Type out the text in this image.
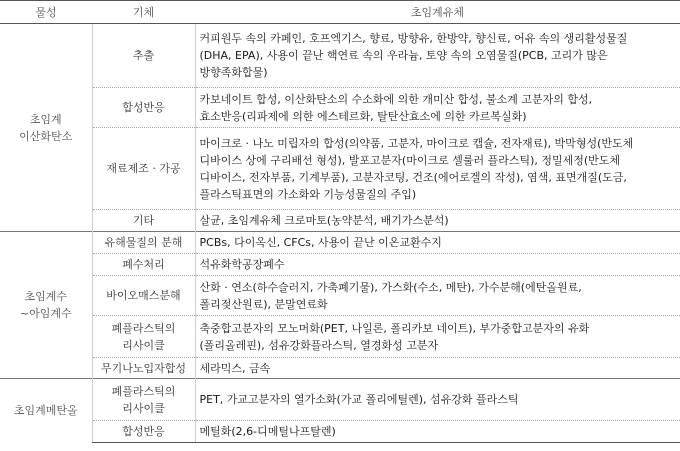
물성	기체	초임계유체

초임계
이산화탄소	추출	커피원두 속의 카페인, 호프엑기스, 향료, 방향유, 한방약, 향신료, 어유 속의 생리활성물질
(DHA, EPA), 사용이 끝난 핵연료 속의 우라늄, 토양 속의 오염물질(PCB, 고리가 많은
방향족화합물)

	합성반응	카보네이트 합성, 이산화탄소의 수소화에 의한 개미산 합성, 불소계 고분자의 합성,
효소반응(리파제에 의한 에스테르화, 탈탄산효소에 의한 카르복실화)

	재료제조 · 가공	마이크로 · 나노 미립자의 합성(의약품, 고분자, 마이크로 캡슐, 전자재료), 박막형성(반도체
디바이스 상에 구리배선 형성), 발포고분자(마이크로 셀룰러 플라스틱), 정밀세정(반도체
디바이스, 전자부품, 기계부품), 고분자코팅, 건조(에어로겔의 작성), 염색, 표면개질(도금,
플라스틱표면의 가소화와 기능성물질의 주입)

	기타	살균, 초임계유체 크로마토(농약분석, 배기가스분석)

초임계수
~아임계수	유해물질의 분해	PCBs, 다이옥신, CFCs, 사용이 끝난 이온교환수지

	폐수처리	석유화학공장폐수

	바이오매스분해	산화 · 연소(하수슬러지, 가축폐기물), 가스화(수소, 메탄), 가수분해(에탄올원료,
폴리젖산원료), 분말연료화

	폐플라스틱의
리사이클	축중합고분자의 모노머화(PET, 나일론, 폴리카보 네이트), 부가중합고분자의 유화
(폴리올레핀), 섬유강화플라스틱, 열경화성 고분자

	무기나노입자합성	세라믹스, 금속

초임계메탄올	폐플라스틱의
리사이클	PET, 가교고분자의 열가소화(가교 폴리에틸렌), 섬유강화 플라스틱

	합성반응	메틸화(2,6-디메틸나프탈렌)
